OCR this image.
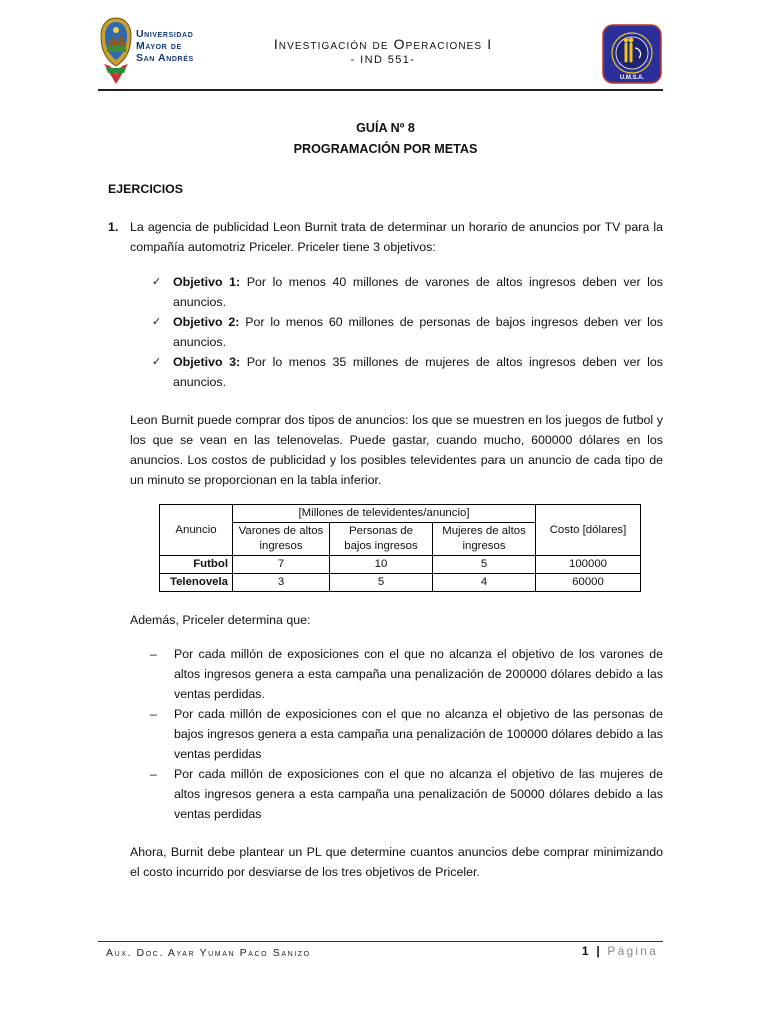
Universidad
Mayor de
San Andrés
Investigación de Operaciones I
- IND 551-
U.M.S.A.
GUÍA Nº 8
PROGRAMACIÓN POR METAS
EJERCICIOS
1. La agencia de publicidad Leon Burnit trata de determinar un horario de anuncios por TV para la compañía automotriz Priceler. Priceler tiene 3 objetivos:
✓ Objetivo 1: Por lo menos 40 millones de varones de altos ingresos deben ver los anuncios.
✓ Objetivo 2: Por lo menos 60 millones de personas de bajos ingresos deben ver los anuncios.
✓ Objetivo 3: Por lo menos 35 millones de mujeres de altos ingresos deben ver los anuncios.
Leon Burnit puede comprar dos tipos de anuncios: los que se muestren en los juegos de futbol y los que se vean en las telenovelas. Puede gastar, cuando mucho, 600000 dólares en los anuncios. Los costos de publicidad y los posibles televidentes para un anuncio de cada tipo de un minuto se proporcionan en la tabla inferior.
Anuncio	[Millones de televidentes/anuncio]			Costo [dólares]
	Varones de altos ingresos	Personas de bajos ingresos	Mujeres de altos ingresos	
Futbol	7	10	5	100000
Telenovela	3	5	4	60000
Además, Priceler determina que:
– Por cada millón de exposiciones con el que no alcanza el objetivo de los varones de altos ingresos genera a esta campaña una penalización de 200000 dólares debido a las ventas perdidas.
– Por cada millón de exposiciones con el que no alcanza el objetivo de las personas de bajos ingresos genera a esta campaña una penalización de 100000 dólares debido a las ventas perdidas
– Por cada millón de exposiciones con el que no alcanza el objetivo de las mujeres de altos ingresos genera a esta campaña una penalización de 50000 dólares debido a las ventas perdidas
Ahora, Burnit debe plantear un PL que determine cuantos anuncios debe comprar minimizando el costo incurrido por desviarse de los tres objetivos de Priceler.
Aux. Doc. Ayar Yuman Paco Sanizo	1 | Página
